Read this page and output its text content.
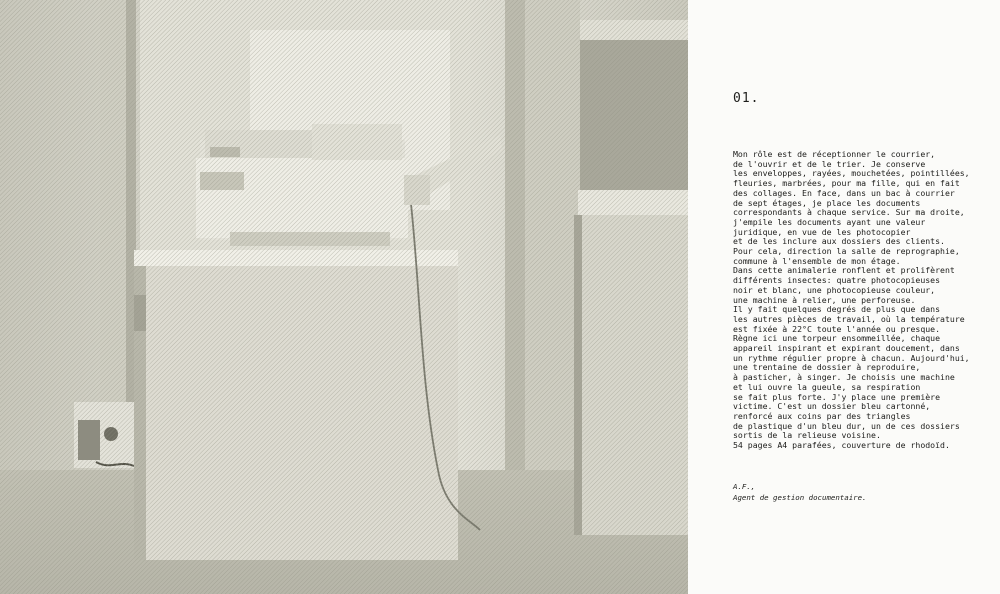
01.
Mon rôle est de réceptionner le courrier,
de l'ouvrir et de le trier. Je conserve
les enveloppes, rayées, mouchetées, pointillées,
fleuries, marbrées, pour ma fille, qui en fait
des collages. En face, dans un bac à courrier
de sept étages, je place les documents
correspondants à chaque service. Sur ma droite,
j'empile les documents ayant une valeur
juridique, en vue de les photocopier
et de les inclure aux dossiers des clients.
Pour cela, direction la salle de reprographie,
commune à l'ensemble de mon étage.
Dans cette animalerie ronflent et prolifèrent
différents insectes: quatre photocopieuses
noir et blanc, une photocopieuse couleur,
une machine à relier, une perforeuse.
Il y fait quelques degrés de plus que dans
les autres pièces de travail, où la température
est fixée à 22°C toute l'année ou presque.
Règne ici une torpeur ensommeillée, chaque
appareil inspirant et expirant doucement, dans
un rythme régulier propre à chacun. Aujourd'hui,
une trentaine de dossier à reproduire,
à pasticher, à singer. Je choisis une machine
et lui ouvre la gueule, sa respiration
se fait plus forte. J'y place une première
victime. C'est un dossier bleu cartonné,
renforcé aux coins par des triangles
de plastique d'un bleu dur, un de ces dossiers
sortis de la relieuse voisine.
54 pages A4 parafées, couverture de rhodoïd.
A.F.,
Agent de gestion documentaire.
